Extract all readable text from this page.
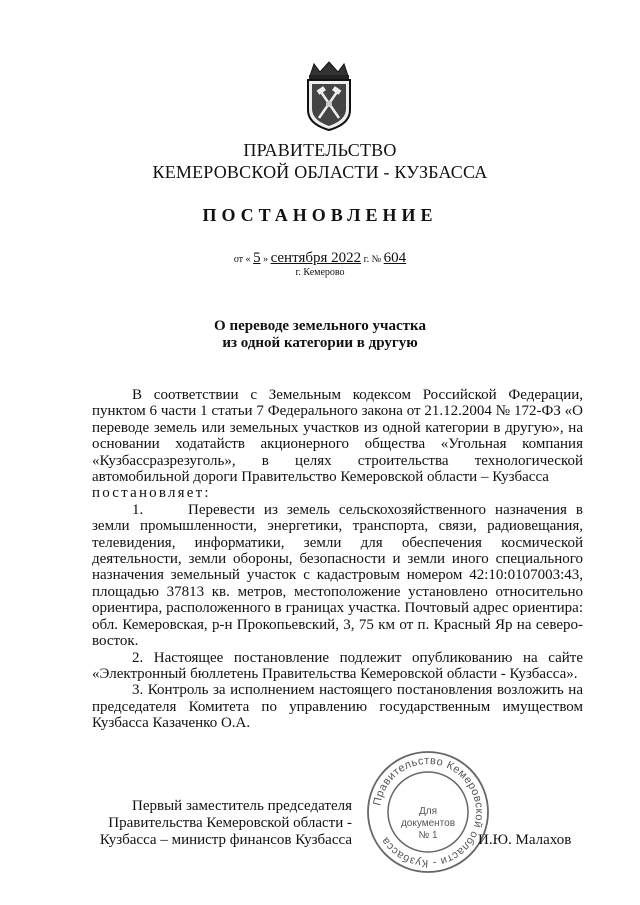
ПРАВИТЕЛЬСТВО
КЕМЕРОВСКОЙ ОБЛАСТИ - КУЗБАССА
ПОСТАНОВЛЕНИЕ
от « 5 » сентября 2022 г. № 604
г. Кемерово
О переводе земельного участка
из одной категории в другую

В соответствии с Земельным кодексом Российской Федерации, пунктом 6 части 1 статьи 7 Федерального закона от 21.12.2004 № 172-ФЗ «О переводе земель или земельных участков из одной категории в другую», на основании ходатайств акционерного общества «Угольная компания «Кузбассразрезуголь», в целях строительства технологической автомобильной дороги Правительство Кемеровской области – Кузбасса

постановляет:

1.	Перевести из земель сельскохозяйственного назначения в земли промышленности, энергетики, транспорта, связи, радиовещания, телевидения, информатики, земли для обеспечения космической деятельности, земли обороны, безопасности и земли иного специального назначения земельный участок с кадастровым номером 42:10:0107003:43, площадью 37813 кв. метров, местоположение установлено относительно ориентира, расположенного в границах участка. Почтовый адрес ориентира: обл. Кемеровская, р-н Прокопьевский, 3, 75 км от п. Красный Яр на северо-восток.

2. Настоящее постановление подлежит опубликованию на сайте «Электронный бюллетень Правительства Кемеровской области - Кузбасса».

3. Контроль за исполнением настоящего постановления возложить на председателя Комитета по управлению государственным имуществом Кузбасса Казаченко О.А.

Первый заместитель председателя
Правительства Кемеровской области -
Кузбасса – министр финансов Кузбасса
Правительство Кемеровской области - Кузбасса
Для
документов
№ 1	И.Ю. Малахов
